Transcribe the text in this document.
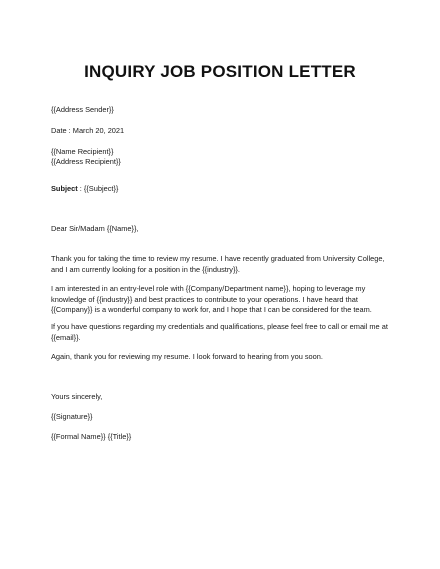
INQUIRY JOB POSITION LETTER
{{Address Sender}}
Date : March 20, 2021
{{Name Recipient}}
{{Address Recipient}}
Subject : {{Subject}}
Dear Sir/Madam {{Name}},
Thank you for taking the time to review my resume. I have recently graduated from University College,
and I am currently looking for a position in the {{industry}}.
I am interested in an entry-level role with {{Company/Department name}}, hoping to leverage my
knowledge of {{industry}} and best practices to contribute to your operations. I have heard that
{{Company}} is a wonderful company to work for, and I hope that I can be considered for the team.
If you have questions regarding my credentials and qualifications, please feel free to call or email me at
{{email}}.
Again, thank you for reviewing my resume. I look forward to hearing from you soon.
Yours sincerely,
{{Signature}}
{{Formal Name}} {{Title}}
